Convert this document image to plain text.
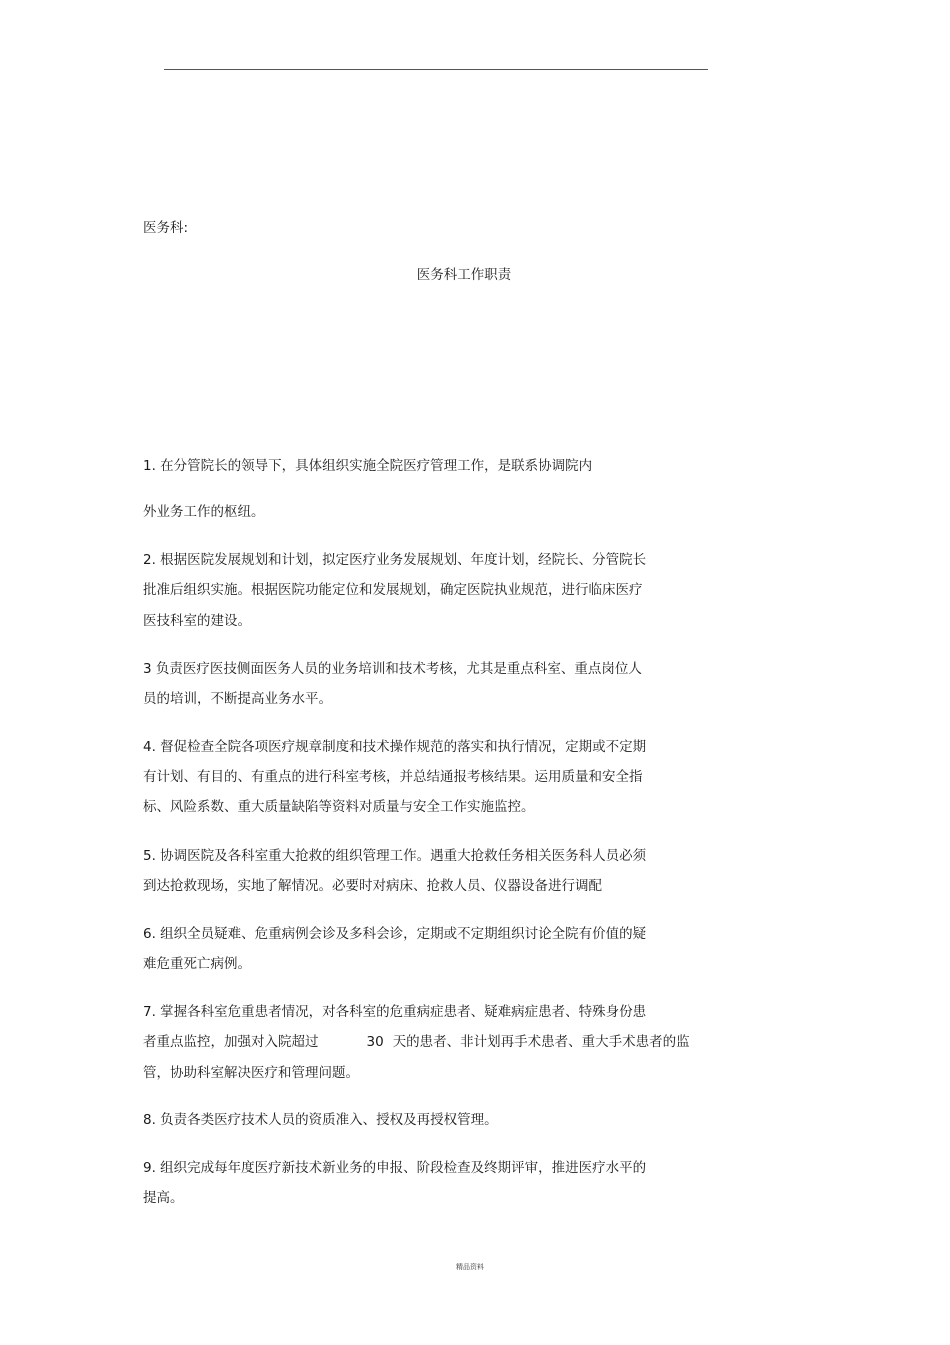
医务科:
医务科工作职责
1. 在分管院长的领导下，具体组织实施全院医疗管理工作，是联系协调院内
外业务工作的枢纽。
2. 根据医院发展规划和计划，拟定医疗业务发展规划、年度计划，经院长、分管院长
批准后组织实施。根据医院功能定位和发展规划，确定医院执业规范，进行临床医疗
医技科室的建设。
3 负责医疗医技侧面医务人员的业务培训和技术考核，尤其是重点科室、重点岗位人
员的培训，不断提高业务水平。
4. 督促检查全院各项医疗规章制度和技术操作规范的落实和执行情况，定期或不定期
有计划、有目的、有重点的进行科室考核，并总结通报考核结果。运用质量和安全指
标、风险系数、重大质量缺陷等资料对质量与安全工作实施监控。
5. 协调医院及各科室重大抢救的组织管理工作。遇重大抢救任务相关医务科人员必须
到达抢救现场，实地了解情况。必要时对病床、抢救人员、仪器设备进行调配
6. 组织全员疑难、危重病例会诊及多科会诊，定期或不定期组织讨论全院有价值的疑
难危重死亡病例。
7. 掌握各科室危重患者情况，对各科室的危重病症患者、疑难病症患者、特殊身份患
者重点监控，加强对入院超过	30 天的患者、非计划再手术患者、重大手术患者的监
管，协助科室解决医疗和管理问题。
8. 负责各类医疗技术人员的资质准入、授权及再授权管理。
9. 组织完成每年度医疗新技术新业务的申报、阶段检查及终期评审，推进医疗水平的
提高。
精品资料
